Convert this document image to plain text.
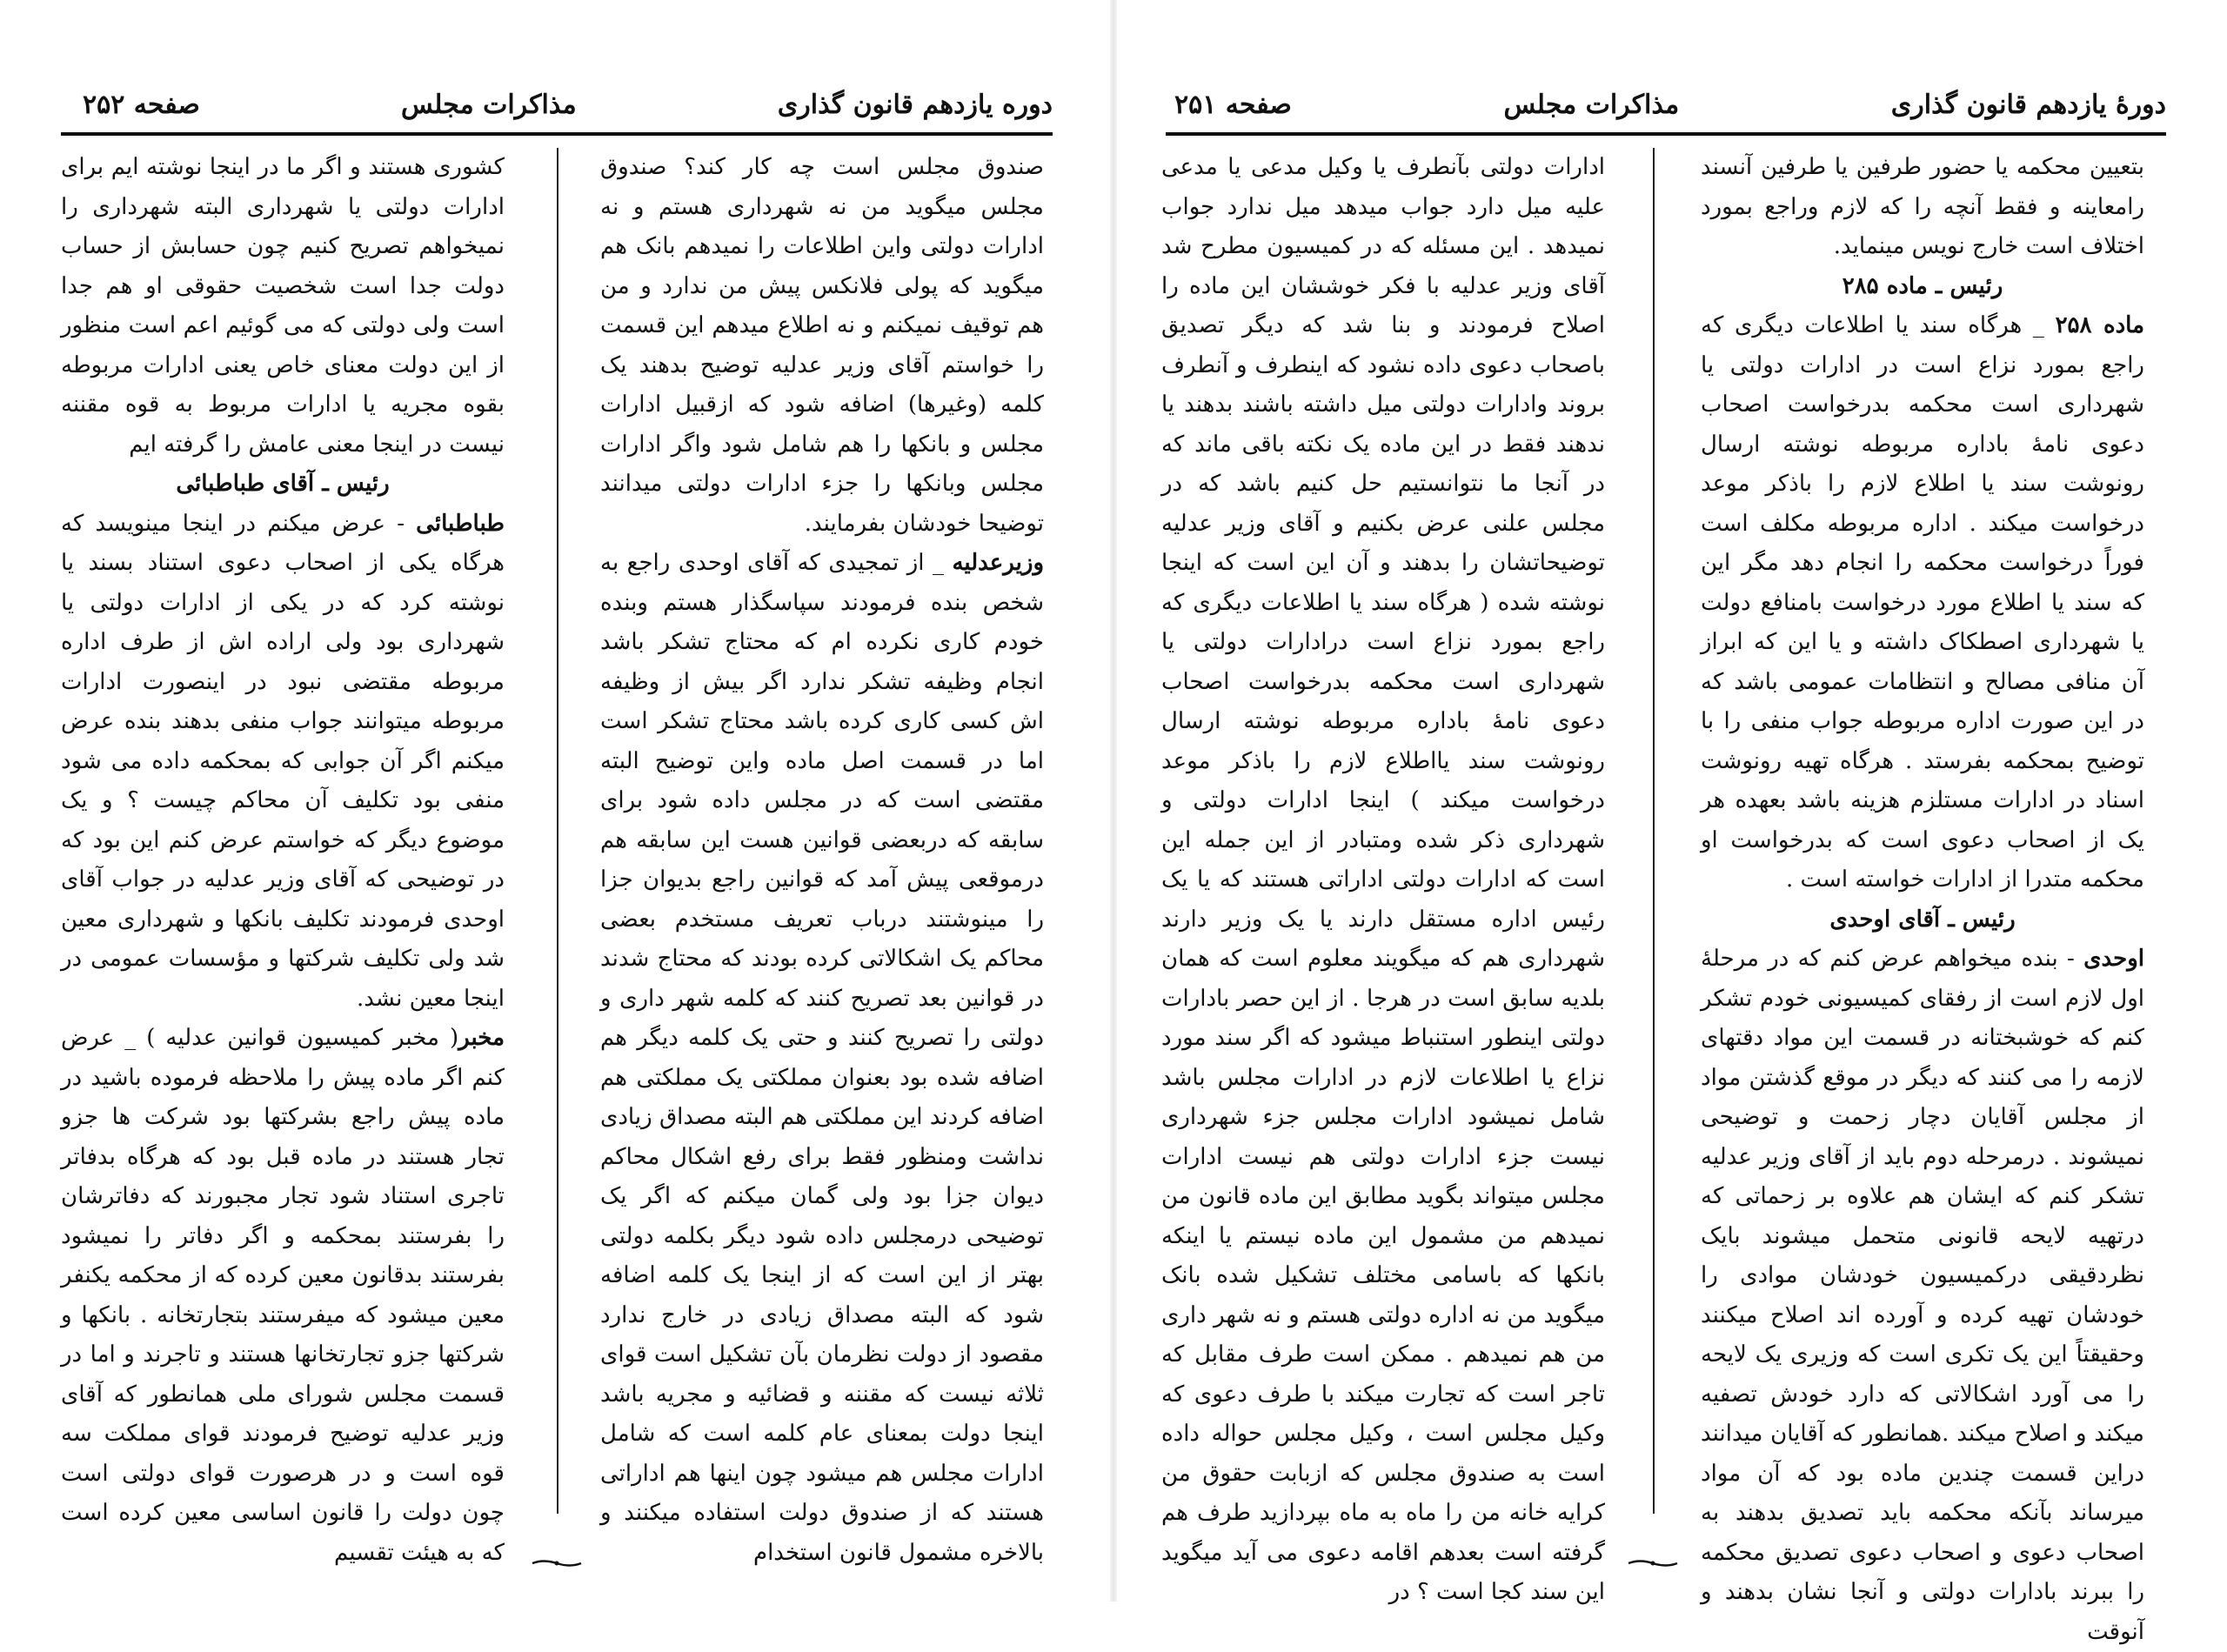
دوره یازدهم قانون گذاری
مذاکرات مجلس
صفحه ۲۵۲

صندوق مجلس است چه کار کند؟ صندوق مجلس میگوید من نه شهرداری هستم و نه ادارات دولتی واین اطلاعات را نمیدهم بانک هم میگوید که پولی فلانکس پیش من ندارد و من هم توقیف نمیکنم و نه اطلاع میدهم این قسمت را خواستم آقای وزیر عدلیه توضیح بدهند یک کلمه (وغیرها) اضافه شود که ازقبیل ادارات مجلس و بانکها را هم شامل شود واگر ادارات مجلس وبانکها را جزء ادارات دولتی میدانند توضیحا خودشان بفرمایند.

وزیرعدلیه _ از تمجیدی که آقای اوحدی راجع به شخص بنده فرمودند سپاسگذار هستم وبنده خودم کاری نکرده ام که محتاج تشکر باشد انجام وظیفه تشکر ندارد اگر بیش از وظیفه اش کسی کاری کرده باشد محتاج تشکر است اما در قسمت اصل ماده واین توضیح البته مقتضی است که در مجلس داده شود برای سابقه که دربعضی قوانین هست این سابقه هم درموقعی پیش آمد که قوانین راجع بدیوان جزا را مینوشتند درباب تعریف مستخدم بعضی محاکم یک اشکالاتی کرده بودند که محتاج شدند در قوانین بعد تصریح کنند که کلمه شهر داری و دولتی را تصریح کنند و حتی یک کلمه دیگر هم اضافه شده بود بعنوان مملکتی یک مملکتی هم اضافه کردند این مملکتی هم البته مصداق زیادی نداشت ومنظور فقط برای رفع اشکال محاکم دیوان جزا بود ولی گمان میکنم که اگر یک توضیحی درمجلس داده شود دیگر بکلمه دولتی بهتر از این است که از اینجا یک کلمه اضافه شود که البته مصداق زیادی در خارج ندارد مقصود از دولت نظرمان بآن تشکیل است قوای ثلاثه نیست که مقننه و قضائیه و مجریه باشد اینجا دولت بمعنای عام کلمه است که شامل ادارات مجلس هم میشود چون اینها هم اداراتی هستند که از صندوق دولت استفاده میکنند و بالاخره مشمول قانون استخدام

کشوری هستند و اگر ما در اینجا نوشته ایم برای ادارات دولتی یا شهرداری البته شهرداری را نمیخواهم تصریح کنیم چون حسابش از حساب دولت جدا است شخصیت حقوقی او هم جدا است ولی دولتی که می گوئیم اعم است منظور از این دولت معنای خاص یعنی ادارات مربوطه بقوه مجریه یا ادارات مربوط به قوه مقننه نیست در اینجا معنی عامش را گرفته ایم

رئیس ـ آقای طباطبائی

طباطبائی - عرض میکنم در اینجا مینویسد که هرگاه یکی از اصحاب دعوی استناد بسند یا نوشته کرد که در یکی از ادارات دولتی یا شهرداری بود ولی اراده اش از طرف اداره مربوطه مقتضی نبود در اینصورت ادارات مربوطه میتوانند جواب منفی بدهند بنده عرض میکنم اگر آن جوابی که بمحکمه داده می شود منفی بود تکلیف آن محاکم چیست ؟ و یک موضوع دیگر که خواستم عرض کنم این بود که در توضیحی که آقای وزیر عدلیه در جواب آقای اوحدی فرمودند تکلیف بانکها و شهرداری معین شد ولی تکلیف شرکتها و مؤسسات عمومی در اینجا معین نشد.

مخبر( مخبر کمیسیون قوانین عدلیه ) _ عرض کنم اگر ماده پیش را ملاحظه فرموده باشید در ماده پیش راجع بشرکتها بود شرکت ها جزو تجار هستند در ماده قبل بود که هرگاه بدفاتر تاجری استناد شود تجار مجبورند که دفاترشان را بفرستند بمحکمه و اگر دفاتر را نمیشود بفرستند بدقانون معین کرده که از محکمه یکنفر معین میشود که میفرستند بتجارتخانه . بانکها و شرکتها جزو تجارتخانها هستند و تاجرند و اما در قسمت مجلس شورای ملی همانطور که آقای وزیر عدلیه توضیح فرمودند قوای مملکت سه قوه است و در هرصورت قوای دولتی است چون دولت را قانون اساسی معین کرده است که به هیئت تقسیم

دورهٔ یازدهم قانون گذاری
مذاکرات مجلس
صفحه ۲۵۱

بتعیین محکمه یا حضور طرفین یا طرفین آنسند رامعاینه و فقط آنچه را که لازم وراجع بمورد اختلاف است خارج نویس مینماید.

رئیس ـ ماده ۲۸۵

ماده ۲۵۸ _ هرگاه سند یا اطلاعات دیگری که راجع بمورد نزاع است در ادارات دولتی یا شهرداری است محکمه بدرخواست اصحاب دعوی نامهٔ باداره مربوطه نوشته ارسال رونوشت سند یا اطلاع لازم را باذکر موعد درخواست میکند . اداره مربوطه مکلف است فوراً درخواست محکمه را انجام دهد مگر این که سند یا اطلاع مورد درخواست بامنافع دولت یا شهرداری اصطکاک داشته و یا این که ابراز آن منافی مصالح و انتظامات عمومی باشد که در این صورت اداره مربوطه جواب منفی را با توضیح بمحکمه بفرستد . هرگاه تهیه رونوشت اسناد در ادارات مستلزم هزینه باشد بعهده هر یک از اصحاب دعوی است که بدرخواست او محکمه متدرا از ادارات خواسته است .

رئیس ـ آقای اوحدی

اوحدی - بنده میخواهم عرض کنم که در مرحلهٔ اول لازم است از رفقای کمیسیونی خودم تشکر کنم که خوشبختانه در قسمت این مواد دقتهای لازمه را می کنند که دیگر در موقع گذشتن مواد از مجلس آقایان دچار زحمت و توضیحی نمیشوند . درمرحله دوم باید از آقای وزیر عدلیه تشکر کنم که ایشان هم علاوه بر زحماتی که درتهیه لایحه قانونی متحمل میشوند بایک نظردقیقی درکمیسیون خودشان موادی را خودشان تهیه کرده و آورده اند اصلاح میکنند وحقیقتاً این یک تکری است که وزیری یک لایحه را می آورد اشکالاتی که دارد خودش تصفیه میکند و اصلاح میکند .همانطور که آقایان میدانند دراین قسمت چندین ماده بود که آن مواد میرساند بآنکه محکمه باید تصدیق بدهند به اصحاب دعوی و اصحاب دعوی تصدیق محکمه را ببرند بادارات دولتی و آنجا نشان بدهند و آنوقت

ادارات دولتی بآنطرف یا وکیل مدعی یا مدعی علیه میل دارد جواب میدهد میل ندارد جواب نمیدهد . این مسئله که در کمیسیون مطرح شد آقای وزیر عدلیه با فکر خوششان این ماده را اصلاح فرمودند و بنا شد که دیگر تصدیق باصحاب دعوی داده نشود که اینطرف و آنطرف بروند وادارات دولتی میل داشته باشند بدهند یا ندهند فقط در این ماده یک نکته باقی ماند که در آنجا ما نتوانستیم حل کنیم باشد که در مجلس علنی عرض بکنیم و آقای وزیر عدلیه توضیحاتشان را بدهند و آن این است که اینجا نوشته شده ( هرگاه سند یا اطلاعات دیگری که راجع بمورد نزاع است درادارات دولتی یا شهرداری است محکمه بدرخواست اصحاب دعوی نامهٔ باداره مربوطه نوشته ارسال رونوشت سند یااطلاع لازم را باذکر موعد درخواست میکند ) اینجا ادارات دولتی و شهرداری ذکر شده ومتبادر از این جمله این است که ادارات دولتی اداراتی هستند که یا یک رئیس اداره مستقل دارند یا یک وزیر دارند شهرداری هم که میگویند معلوم است که همان بلدیه سابق است در هرجا . از این حصر بادارات دولتی اینطور استنباط میشود که اگر سند مورد نزاع یا اطلاعات لازم در ادارات مجلس باشد شامل نمیشود ادارات مجلس جزء شهرداری نیست جزء ادارات دولتی هم نیست ادارات مجلس میتواند بگوید مطابق این ماده قانون من نمیدهم من مشمول این ماده نیستم یا اینکه بانکها که باسامی مختلف تشکیل شده بانک میگوید من نه اداره دولتی هستم و نه شهر داری من هم نمیدهم . ممکن است طرف مقابل که تاجر است که تجارت میکند با طرف دعوی که وکیل مجلس است ، وکیل مجلس حواله داده است به صندوق مجلس که ازبابت حقوق من کرایه خانه من را ماه به ماه بپردازید طرف هم گرفته است بعدهم اقامه دعوی می آید میگوید این سند کجا است ؟ در
